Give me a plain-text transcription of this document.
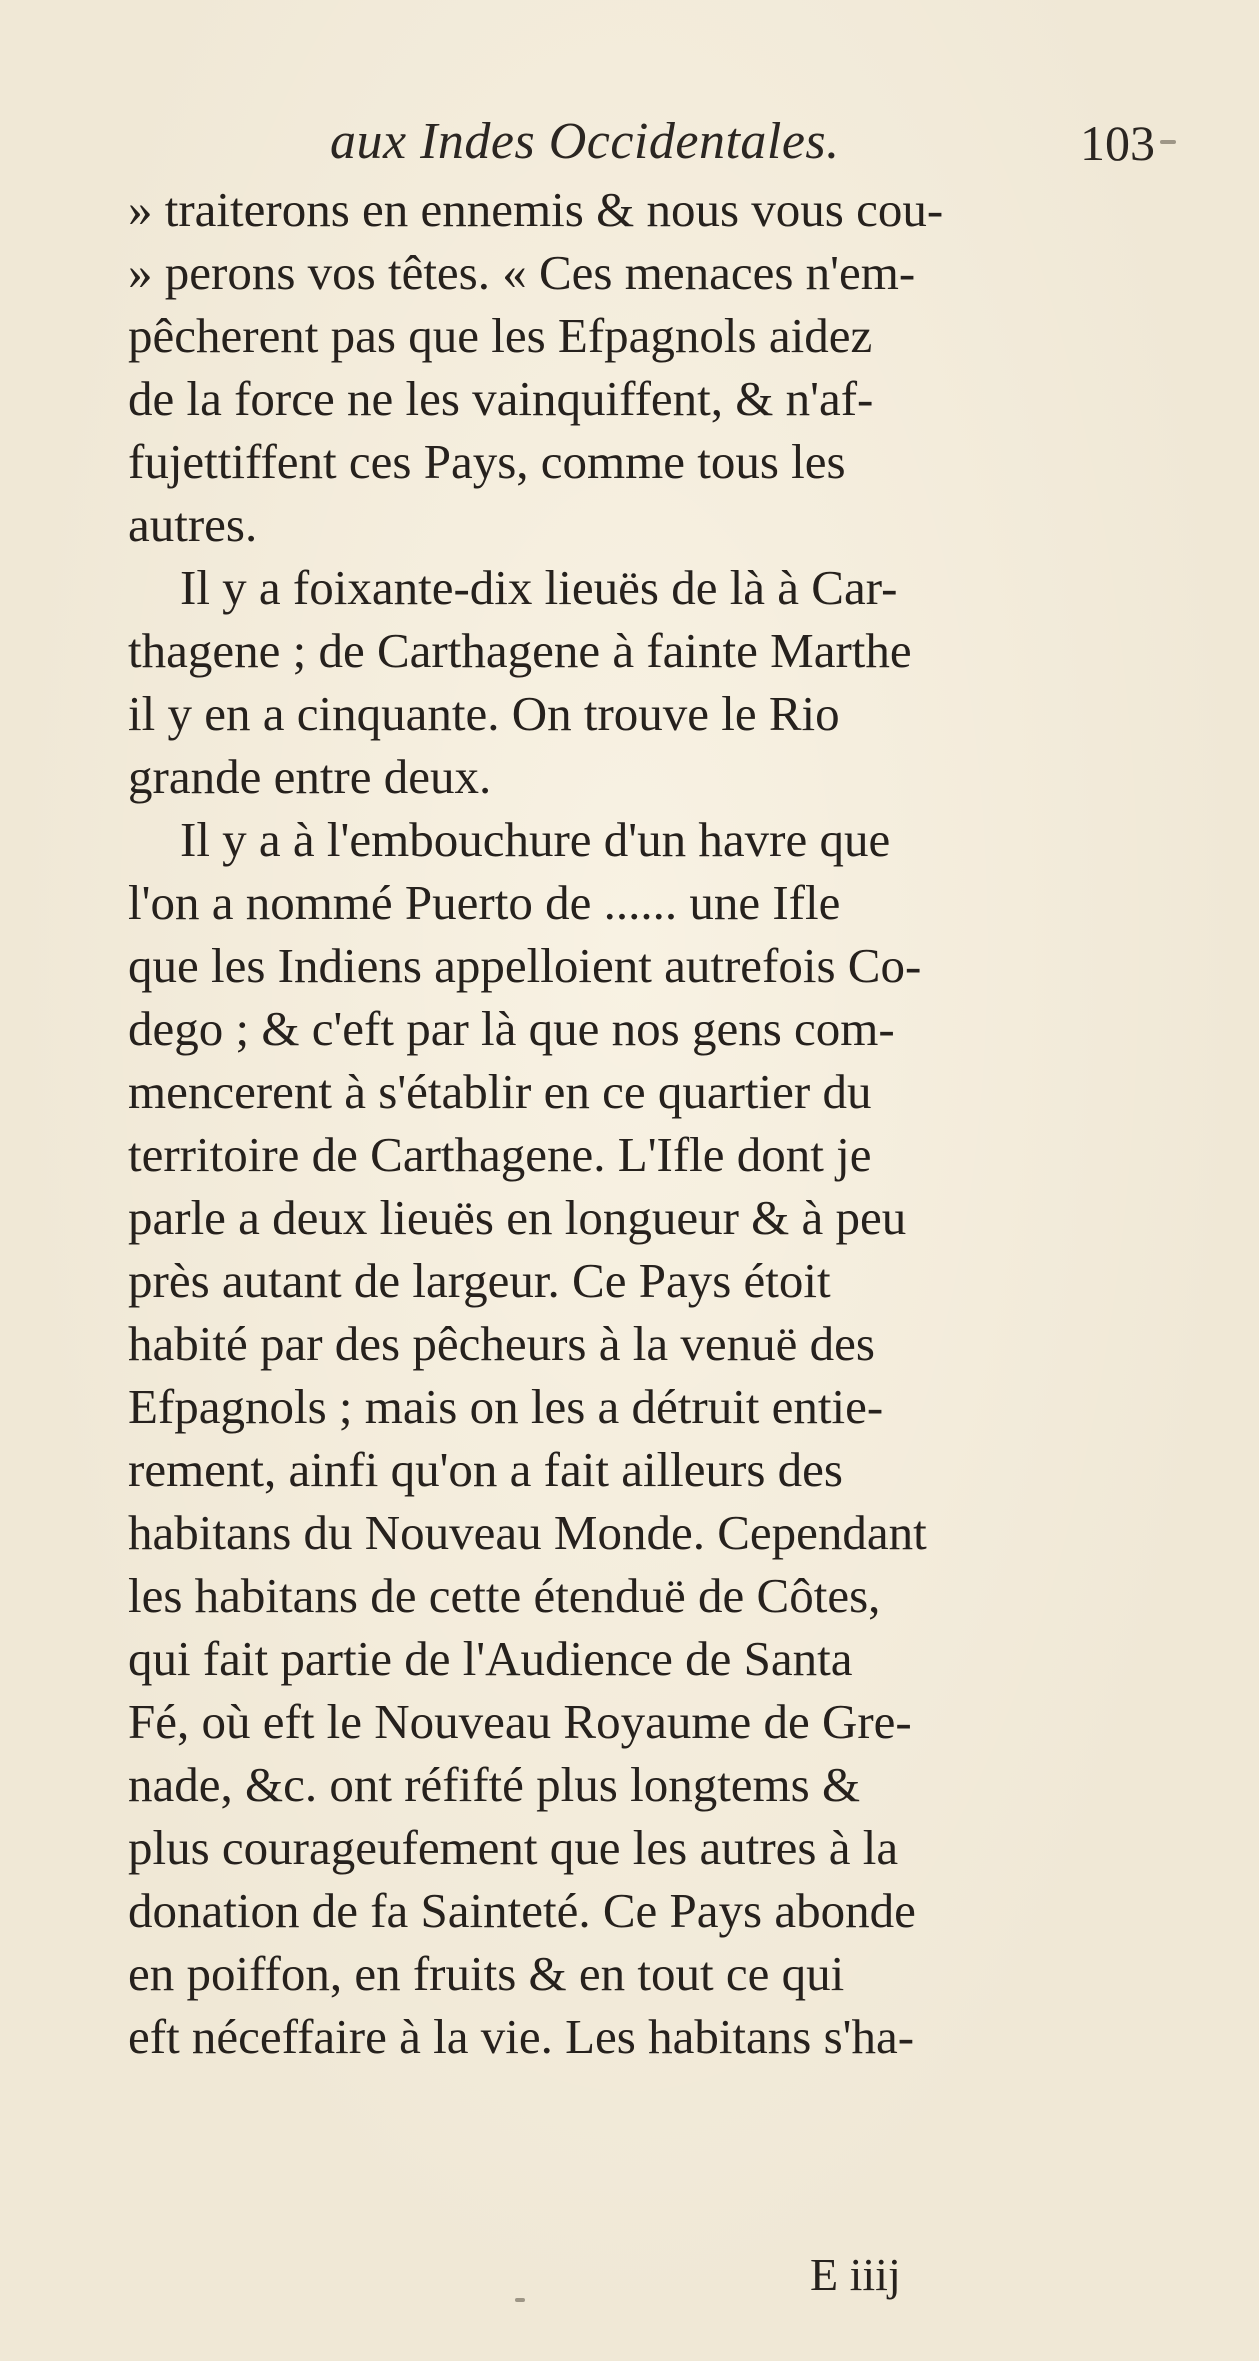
aux Indes Occidentales.	103
» traiterons en ennemis & nous vous cou-
» perons vos têtes. « Ces menaces n'em-
pêcherent pas que les Efpagnols aidez
de la force ne les vainquiffent, & n'af-
fujettiffent ces Pays, comme tous les
autres.
Il y a foixante-dix lieuës de là à Car-
thagene ; de Carthagene à fainte Marthe
il y en a cinquante. On trouve le Rio
grande entre deux.
Il y a à l'embouchure d'un havre que
l'on a nommé Puerto de ...... une Ifle
que les Indiens appelloient autrefois Co-
dego ; & c'eft par là que nos gens com-
mencerent à s'établir en ce quartier du
territoire de Carthagene. L'Ifle dont je
parle a deux lieuës en longueur & à peu
près autant de largeur. Ce Pays étoit
habité par des pêcheurs à la venuë des
Efpagnols ; mais on les a détruit entie-
rement, ainfi qu'on a fait ailleurs des
habitans du Nouveau Monde. Cependant
les habitans de cette étenduë de Côtes,
qui fait partie de l'Audience de Santa
Fé, où eft le Nouveau Royaume de Gre-
nade, &c. ont réfifté plus longtems &
plus courageufement que les autres à la
donation de fa Sainteté. Ce Pays abonde
en poiffon, en fruits & en tout ce qui
eft néceffaire à la vie. Les habitans s'ha-
E iiij
